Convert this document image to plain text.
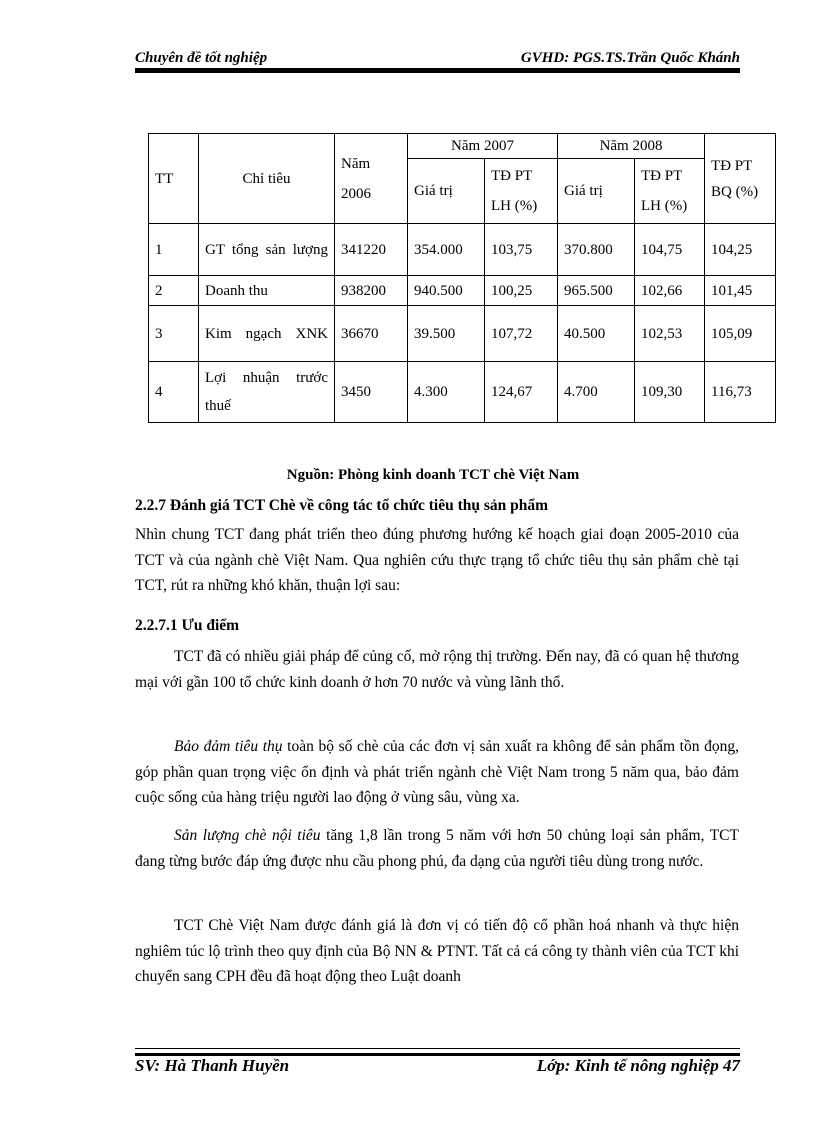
Chuyên đề tốt nghiệp	GVHD: PGS.TS.Trần Quốc Khánh
TT	Chỉ tiêu	Năm 2006	Năm 2007		Năm 2008		TĐ PT BQ (%)
			Giá trị	TĐ PT LH (%)	Giá trị	TĐ PT LH (%)	
1	GT tổng sản lượng	341220	354.000	103,75	370.800	104,75	104,25
2	Doanh thu	938200	940.500	100,25	965.500	102,66	101,45
3	Kim ngạch XNK	36670	39.500	107,72	40.500	102,53	105,09
4	Lợi nhuận trước thuế	3450	4.300	124,67	4.700	109,30	116,73
Nguồn: Phòng kinh doanh TCT chè Việt Nam
2.2.7 Đánh giá TCT Chè về công tác tổ chức tiêu thụ sản phẩm
Nhìn chung TCT đang phát triển theo đúng phương hướng kế hoạch giai đoạn 2005-2010 của TCT và của ngành chè Việt Nam. Qua nghiên cứu thực trạng tổ chức tiêu thụ sản phẩm chè tại TCT, rút ra những khó khăn, thuận lợi sau:
2.2.7.1 Ưu điểm
TCT đã có nhiều giải pháp để củng cố, mở rộng thị trường. Đến nay, đã có quan hệ thương mại với gần 100 tổ chức kinh doanh ở hơn 70 nước và vùng lãnh thổ.
Bảo đảm tiêu thụ toàn bộ số chè của các đơn vị sản xuất ra không để sản phẩm tồn đọng, góp phần quan trọng việc ổn định và phát triển ngành chè Việt Nam trong 5 năm qua, bảo đảm cuộc sống của hàng triệu người lao động ở vùng sâu, vùng xa.
Sản lượng chè nội tiêu tăng 1,8 lần trong 5 năm với hơn 50 chủng loại sản phẩm, TCT đang từng bước đáp ứng được nhu cầu phong phú, đa dạng của người tiêu dùng trong nước.
TCT Chè Việt Nam được đánh giá là đơn vị có tiến độ cổ phần hoá nhanh và thực hiện nghiêm túc lộ trình theo quy định của Bộ NN & PTNT. Tất cả cá công ty thành viên của TCT khi chuyển sang CPH đều đã hoạt động theo Luật doanh
SV: Hà Thanh Huyền	Lớp: Kinh tế nông nghiệp 47
